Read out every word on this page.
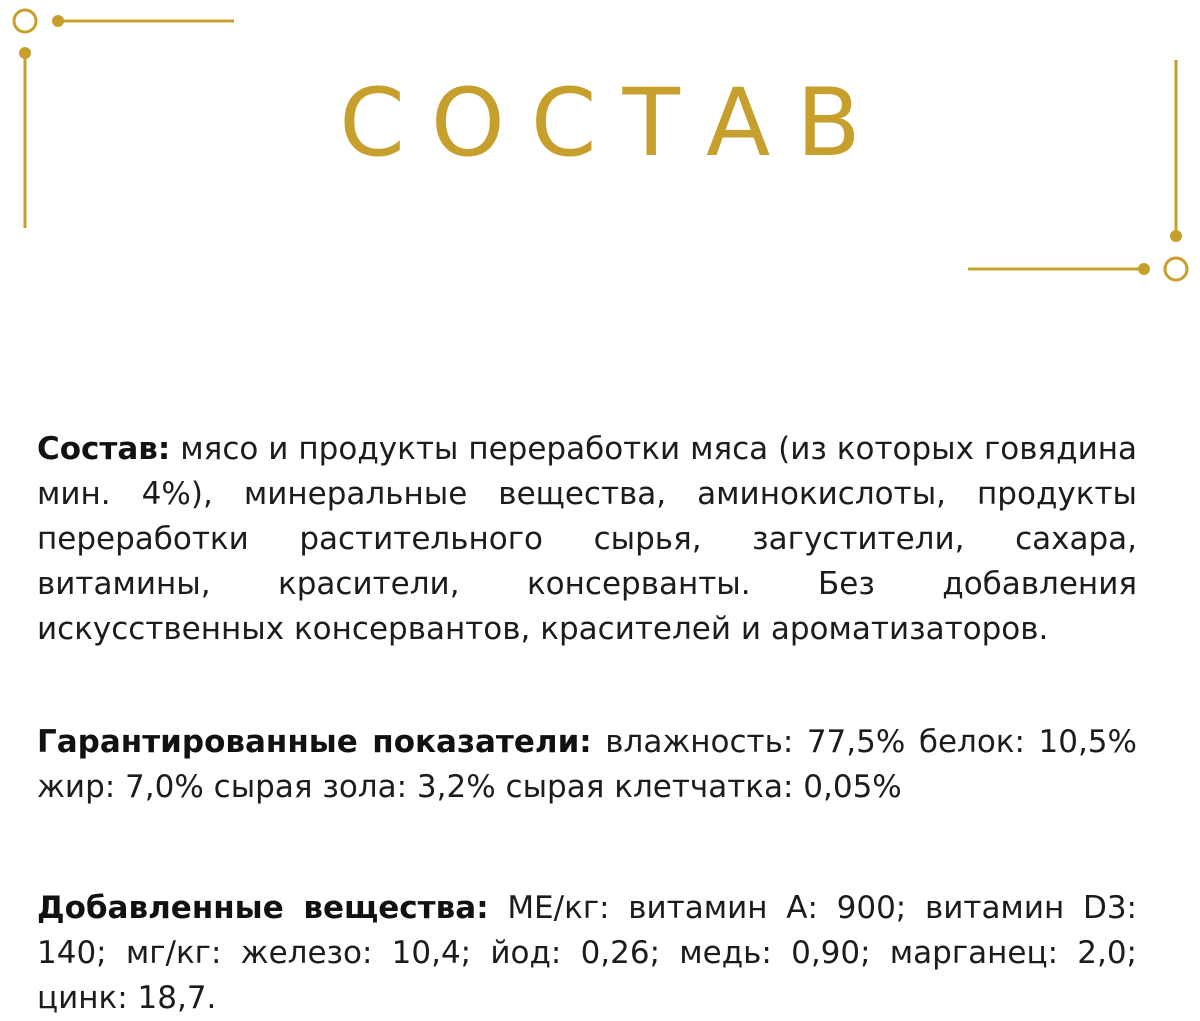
СОСТАВ

Состав: мясо и продукты переработки мяса (из которых говядина мин. 4%), минеральные вещества, аминокислоты, продукты переработки растительного сырья, загустители, сахара, витамины, красители, консерванты. Без добавления искусственных консервантов, красителей и ароматизаторов.

Гарантированные показатели: влажность: 77,5% белок: 10,5% жир: 7,0% сырая зола: 3,2% сырая клетчатка: 0,05%

Добавленные вещества: МЕ/кг: витамин А: 900; витамин D3: 140; мг/кг: железо: 10,4; йод: 0,26; медь: 0,90; марганец: 2,0; цинк: 18,7.
